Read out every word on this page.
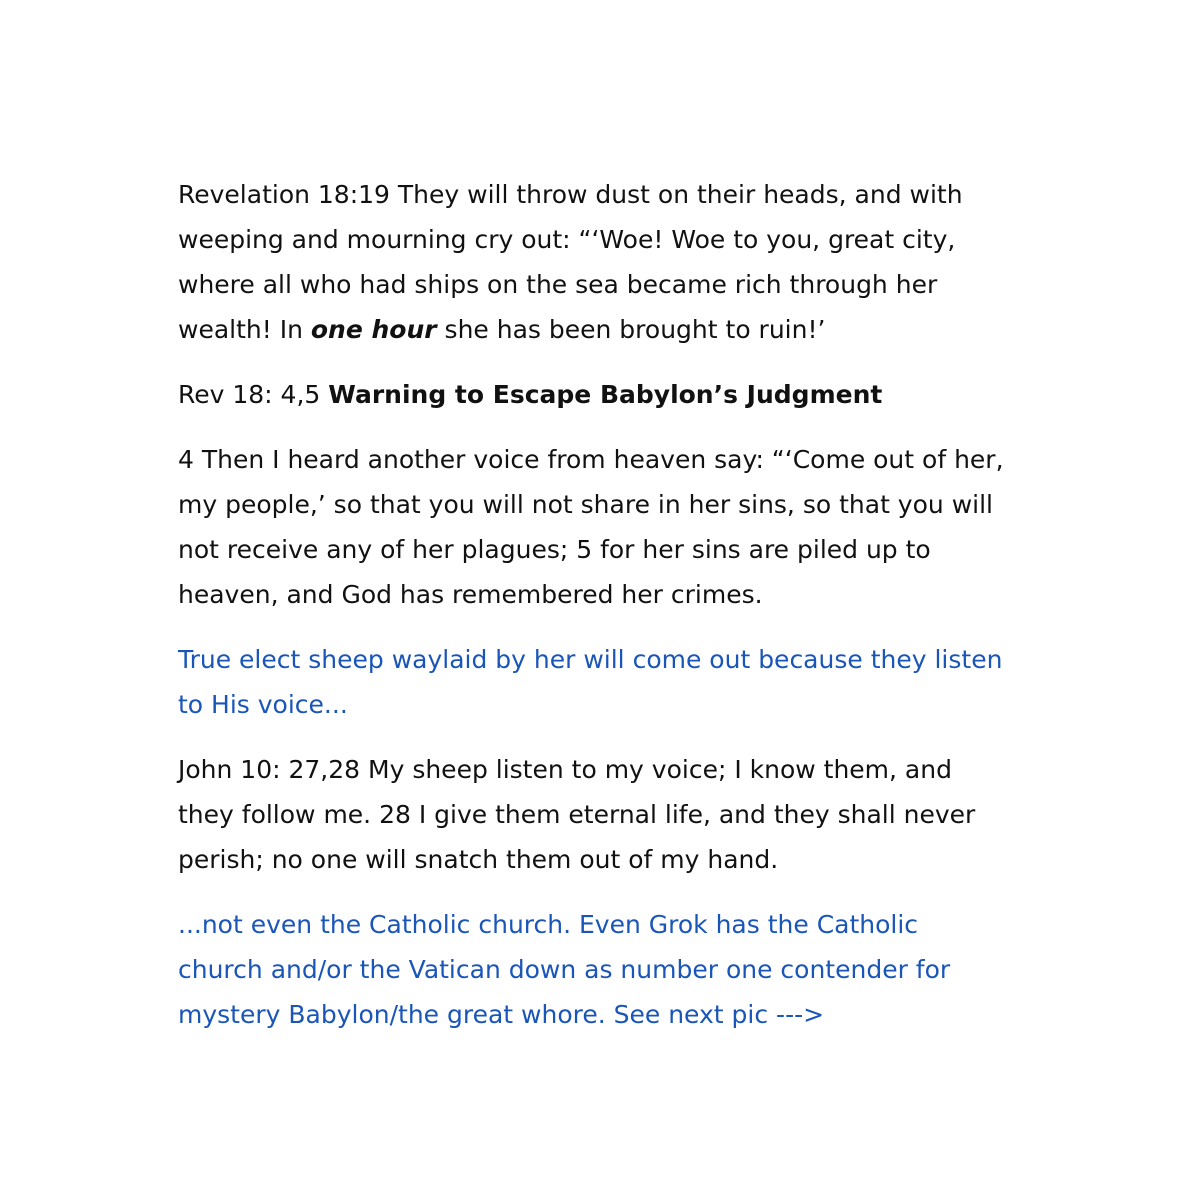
Revelation 18:19 They will throw dust on their heads, and with weeping and mourning cry out: “‘Woe! Woe to you, great city, where all who had ships on the sea became rich through her wealth! In one hour she has been brought to ruin!’

Rev 18: 4,5 Warning to Escape Babylon’s Judgment

4 Then I heard another voice from heaven say: “‘Come out of her, my people,’ so that you will not share in her sins, so that you will not receive any of her plagues; 5 for her sins are piled up to heaven, and God has remembered her crimes.

True elect sheep waylaid by her will come out because they listen to His voice...

John 10: 27,28 My sheep listen to my voice; I know them, and they follow me. 28 I give them eternal life, and they shall never perish; no one will snatch them out of my hand.

...not even the Catholic church. Even Grok has the Catholic church and/or the Vatican down as number one contender for mystery Babylon/the great whore. See next pic --->
